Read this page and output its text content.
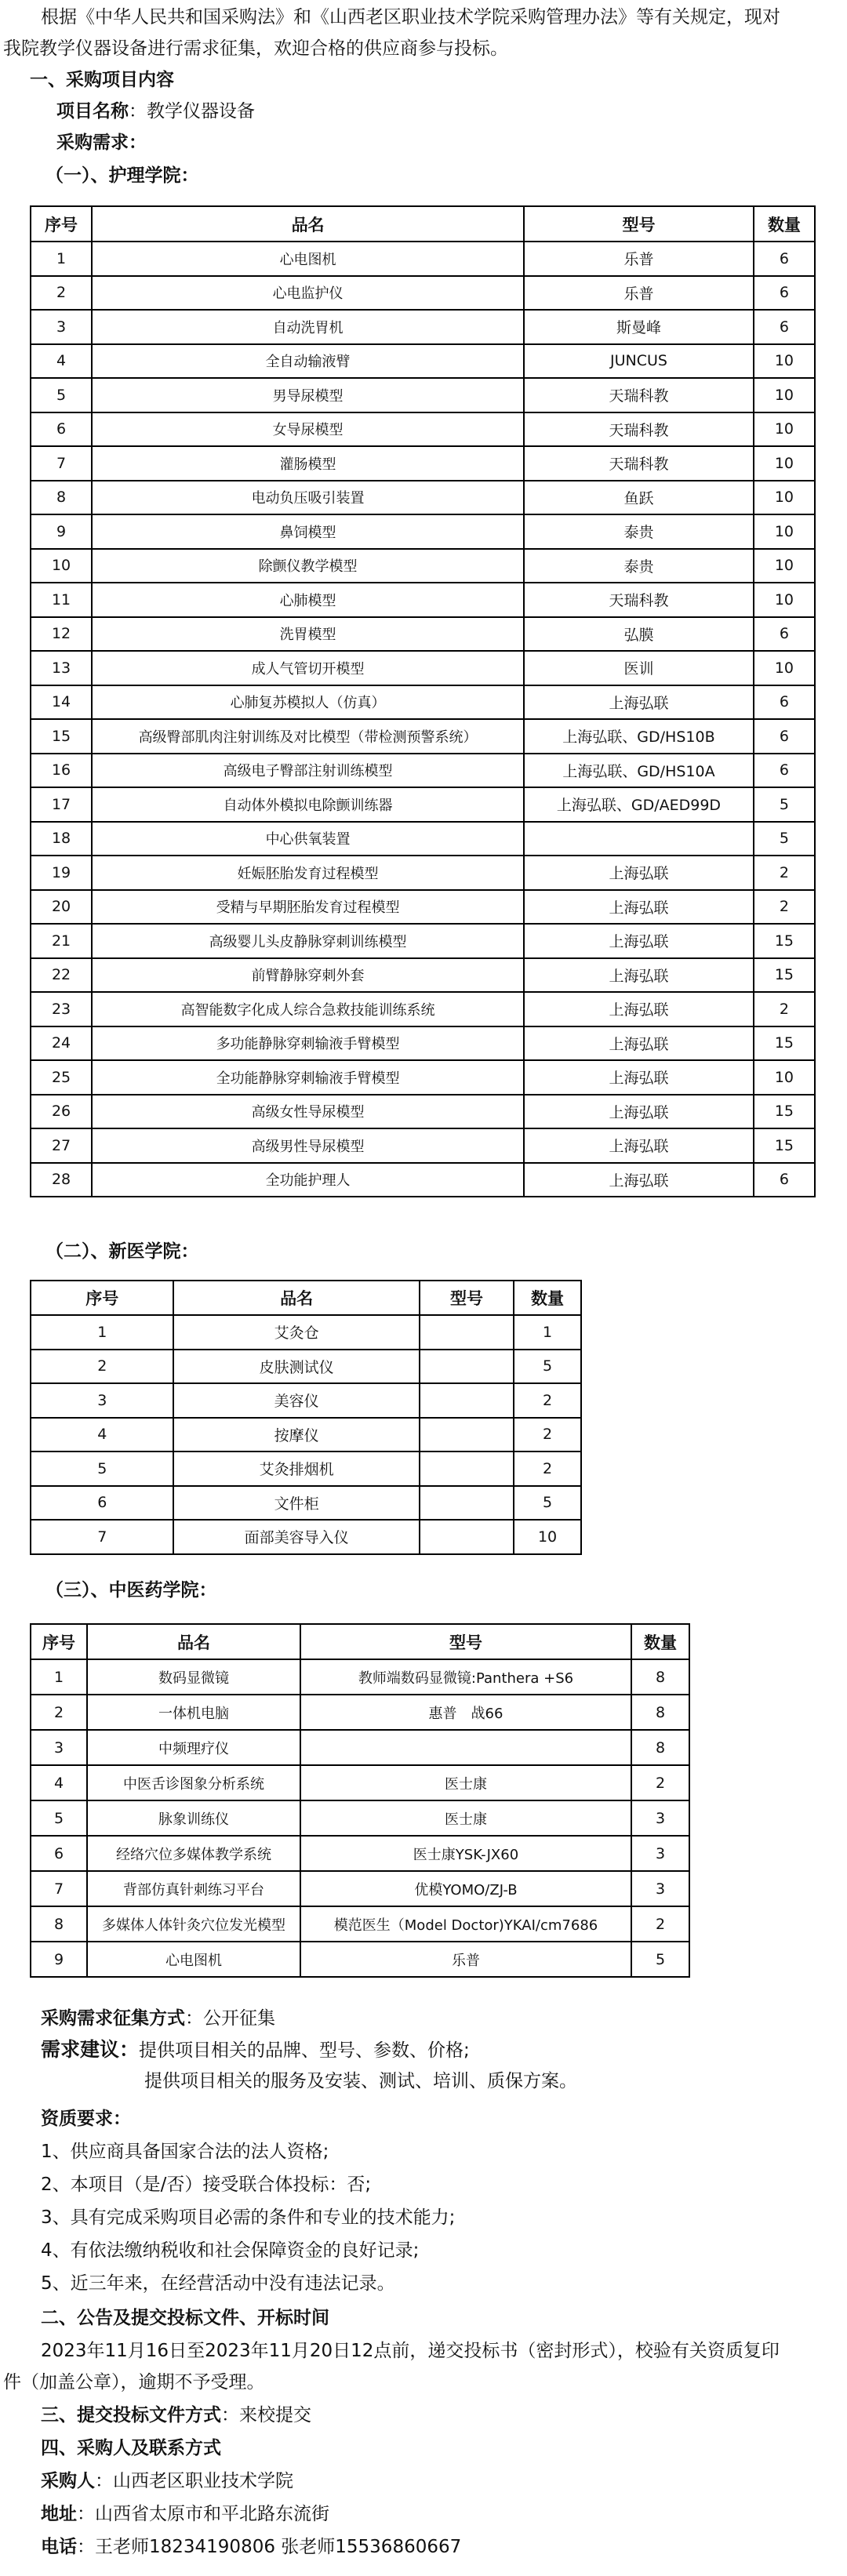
根据《中华人民共和国采购法》和《山西老区职业技术学院采购管理办法》等有关规定，现对
我院教学仪器设备进行需求征集，欢迎合格的供应商参与投标。
一、采购项目内容
项目名称：教学仪器设备
采购需求：
（一）、护理学院：
序号	品名	型号	数量
1	心电图机	乐普	6
2	心电监护仪	乐普	6
3	自动洗胃机	斯曼峰	6
4	全自动输液臂	JUNCUS	10
5	男导尿模型	天瑞科教	10
6	女导尿模型	天瑞科教	10
7	灌肠模型	天瑞科教	10
8	电动负压吸引装置	鱼跃	10
9	鼻饲模型	泰贵	10
10	除颤仪教学模型	泰贵	10
11	心肺模型	天瑞科教	10
12	洗胃模型	弘膜	6
13	成人气管切开模型	医训	10
14	心肺复苏模拟人（仿真）	上海弘联	6
15	高级臀部肌肉注射训练及对比模型（带检测预警系统）	上海弘联、GD/HS10B	6
16	高级电子臀部注射训练模型	上海弘联、GD/HS10A	6
17	自动体外模拟电除颤训练器	上海弘联、GD/AED99D	5
18	中心供氧装置		5
19	妊娠胚胎发育过程模型	上海弘联	2
20	受精与早期胚胎发育过程模型	上海弘联	2
21	高级婴儿头皮静脉穿刺训练模型	上海弘联	15
22	前臂静脉穿刺外套	上海弘联	15
23	高智能数字化成人综合急救技能训练系统	上海弘联	2
24	多功能静脉穿刺输液手臂模型	上海弘联	15
25	全功能静脉穿刺输液手臂模型	上海弘联	10
26	高级女性导尿模型	上海弘联	15
27	高级男性导尿模型	上海弘联	15
28	全功能护理人	上海弘联	6
（二）、新医学院：
序号	品名	型号	数量
1	艾灸仓		1
2	皮肤测试仪		5
3	美容仪		2
4	按摩仪		2
5	艾灸排烟机		2
6	文件柜		5
7	面部美容导入仪		10
（三）、中医药学院：
序号	品名	型号	数量
1	数码显微镜	教师端数码显微镜:Panthera +S6	8
2	一体机电脑	惠普　战66	8
3	中频理疗仪		8
4	中医舌诊图象分析系统	医士康	2
5	脉象训练仪	医士康	3
6	经络穴位多媒体教学系统	医士康YSK-JX60	3
7	背部仿真针刺练习平台	优模YOMO/ZJ-B	3
8	多媒体人体针灸穴位发光模型	模范医生（Model Doctor)YKAI/cm7686	2
9	心电图机	乐普	5
采购需求征集方式：公开征集
需求建议：提供项目相关的品牌、型号、参数、价格;
提供项目相关的服务及安装、测试、培训、质保方案。
资质要求：
1、供应商具备国家合法的法人资格;
2、本项目（是/否）接受联合体投标：否;
3、具有完成采购项目必需的条件和专业的技术能力;
4、有依法缴纳税收和社会保障资金的良好记录;
5、近三年来，在经营活动中没有违法记录。
二、公告及提交投标文件、开标时间
2023年11月16日至2023年11月20日12点前，递交投标书（密封形式），校验有关资质复印
件（加盖公章），逾期不予受理。
三、提交投标文件方式：来校提交
四、采购人及联系方式
采购人：山西老区职业技术学院
地址：山西省太原市和平北路东流街
电话：王老师18234190806 张老师15536860667
